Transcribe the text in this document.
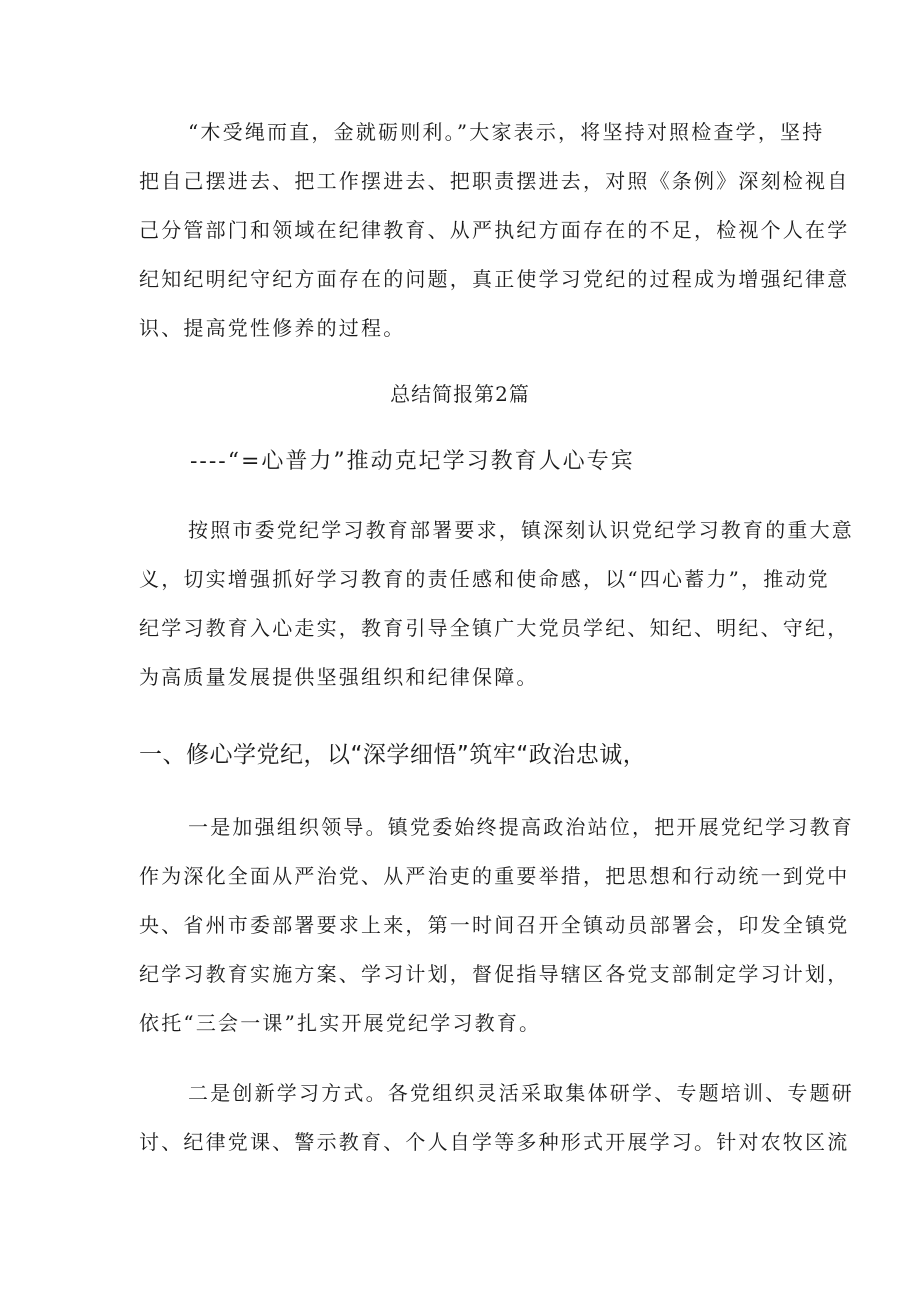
“木受绳而直，金就砺则利。”大家表示，将坚持对照检查学，坚持
把自己摆进去、把工作摆进去、把职责摆进去，对照《条例》深刻检视自
己分管部门和领域在纪律教育、从严执纪方面存在的不足，检视个人在学
纪知纪明纪守纪方面存在的问题，真正使学习党纪的过程成为增强纪律意
识、提高党性修养的过程。
总结简报第2篇
----“=心普力”推动克圮学习教育人心专宾
按照市委党纪学习教育部署要求，镇深刻认识党纪学习教育的重大意
义，切实增强抓好学习教育的责任感和使命感，以“四心蓄力”，推动党
纪学习教育入心走实，教育引导全镇广大党员学纪、知纪、明纪、守纪，
为高质量发展提供坚强组织和纪律保障。
一、修心学党纪，以“深学细悟”筑牢“政治忠诚，
一是加强组织领导。镇党委始终提高政治站位，把开展党纪学习教育
作为深化全面从严治党、从严治吏的重要举措，把思想和行动统一到党中
央、省州市委部署要求上来，第一时间召开全镇动员部署会，印发全镇党
纪学习教育实施方案、学习计划，督促指导辖区各党支部制定学习计划，
依托“三会一课”扎实开展党纪学习教育。
二是创新学习方式。各党组织灵活采取集体研学、专题培训、专题研
讨、纪律党课、警示教育、个人自学等多种形式开展学习。针对农牧区流
